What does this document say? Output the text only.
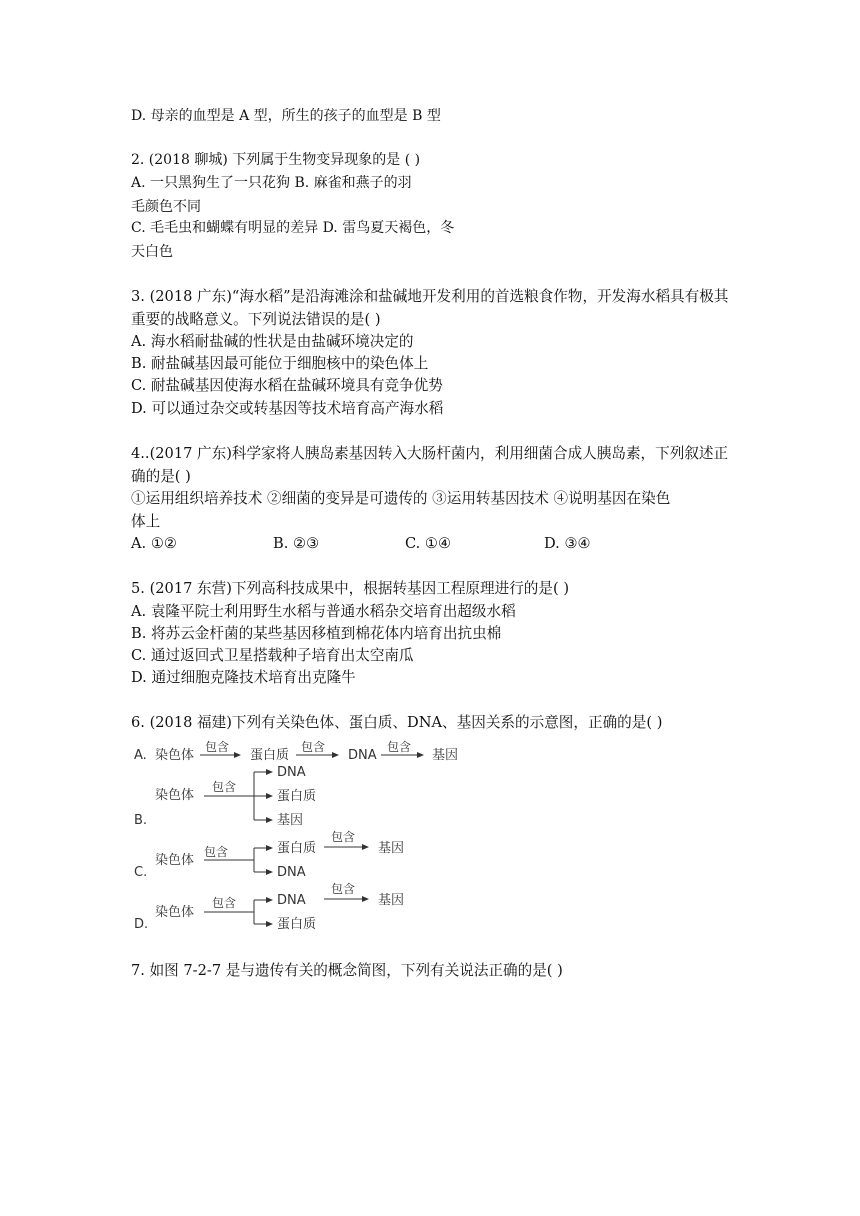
D. 母亲的血型是 A 型，所生的孩子的血型是 B 型
2. (2018 聊城) 下列属于生物变异现象的是 ( )
A. 一只黑狗生了一只花狗 B. 麻雀和燕子的羽
毛颜色不同
C. 毛毛虫和蝴蝶有明显的差异 D. 雷鸟夏天褐色，冬
天白色
3. (2018 广东)“海水稻”是沿海滩涂和盐碱地开发利用的首选粮食作物，开发海水稻具有极其
重要的战略意义。下列说法错误的是( )
A. 海水稻耐盐碱的性状是由盐碱环境决定的
B. 耐盐碱基因最可能位于细胞核中的染色体上
C. 耐盐碱基因使海水稻在盐碱环境具有竞争优势
D. 可以通过杂交或转基因等技术培育高产海水稻
4..(2017 广东)科学家将人胰岛素基因转入大肠杆菌内，利用细菌合成人胰岛素，下列叙述正
确的是( )
①运用组织培养技术 ②细菌的变异是可遗传的 ③运用转基因技术 ④说明基因在染色
体上
A. ①②	B. ②③	C. ①④	D. ③④
5. (2017 东营)下列高科技成果中，根据转基因工程原理进行的是( )
A. 袁隆平院士利用野生水稻与普通水稻杂交培育出超级水稻
B. 将苏云金杆菌的某些基因移植到棉花体内培育出抗虫棉
C. 通过返回式卫星搭载种子培育出太空南瓜
D. 通过细胞克隆技术培育出克隆牛
6. (2018 福建)下列有关染色体、蛋白质、DNA、基因关系的示意图，正确的是( )
A. 染色体
包含
蛋白质
包含
DNA
包含
基因
B.
染色体
包含
DNA
蛋白质
基因
C.
染色体
包含	蛋白质
DNA
包含
基因
D.
染色体
包含	DNA
蛋白质
包含
基因
7. 如图 7-2-7 是与遗传有关的概念简图，下列有关说法正确的是( )
